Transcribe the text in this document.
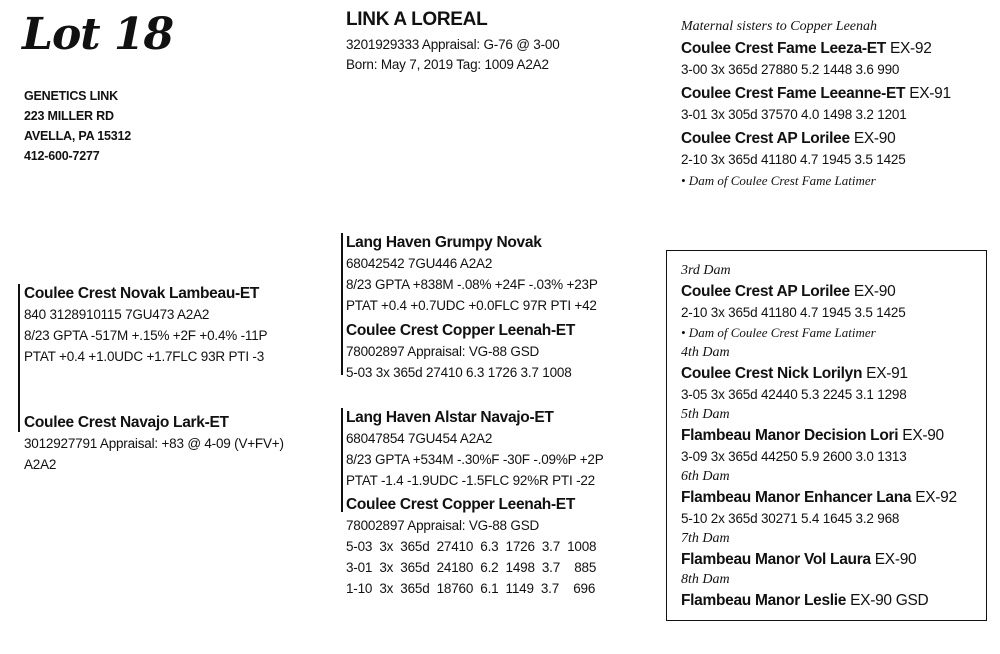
Lot 18
GENETICS LINK
223 MILLER RD
AVELLA, PA 15312
412-600-7277
LINK A LOREAL
3201929333 Appraisal: G-76 @ 3-00
Born: May 7, 2019 Tag: 1009 A2A2
Maternal sisters to Copper Leenah
Coulee Crest Fame Leeza-ET EX-92
3-00 3x 365d 27880 5.2 1448 3.6 990
Coulee Crest Fame Leeanne-ET EX-91
3-01 3x 305d 37570 4.0 1498 3.2 1201
Coulee Crest AP Lorilee EX-90
2-10 3x 365d 41180 4.7 1945 3.5 1425
• Dam of Coulee Crest Fame Latimer
Coulee Crest Novak Lambeau-ET
840 3128910115 7GU473 A2A2
8/23 GPTA -517M +.15% +2F +0.4% -11P
PTAT +0.4 +1.0UDC +1.7FLC 93R PTI -3
Coulee Crest Navajo Lark-ET
3012927791 Appraisal: +83 @ 4-09 (V+FV+)
A2A2
Lang Haven Grumpy Novak
68042542 7GU446 A2A2
8/23 GPTA +838M -.08% +24F -.03% +23P
PTAT +0.4 +0.7UDC +0.0FLC 97R PTI +42
Coulee Crest Copper Leenah-ET
78002897 Appraisal: VG-88 GSD
5-03 3x 365d 27410 6.3 1726 3.7 1008
Lang Haven Alstar Navajo-ET
68047854 7GU454 A2A2
8/23 GPTA +534M -.30%F -30F -.09%P +2P
PTAT -1.4 -1.9UDC -1.5FLC 92%R PTI -22
Coulee Crest Copper Leenah-ET
78002897 Appraisal: VG-88 GSD
5-03  3x  365d  27410  6.3  1726  3.7  1008
3-01  3x  365d  24180  6.2  1498  3.7    885
1-10  3x  365d  18760  6.1  1149  3.7    696
3rd Dam
Coulee Crest AP Lorilee EX-90
2-10 3x 365d 41180 4.7 1945 3.5 1425
• Dam of Coulee Crest Fame Latimer
4th Dam
Coulee Crest Nick Lorilyn EX-91
3-05 3x 365d 42440 5.3 2245 3.1 1298
5th Dam
Flambeau Manor Decision Lori EX-90
3-09 3x 365d 44250 5.9 2600 3.0 1313
6th Dam
Flambeau Manor Enhancer Lana EX-92
5-10 2x 365d 30271 5.4 1645 3.2 968
7th Dam
Flambeau Manor Vol Laura EX-90
8th Dam
Flambeau Manor Leslie EX-90 GSD
